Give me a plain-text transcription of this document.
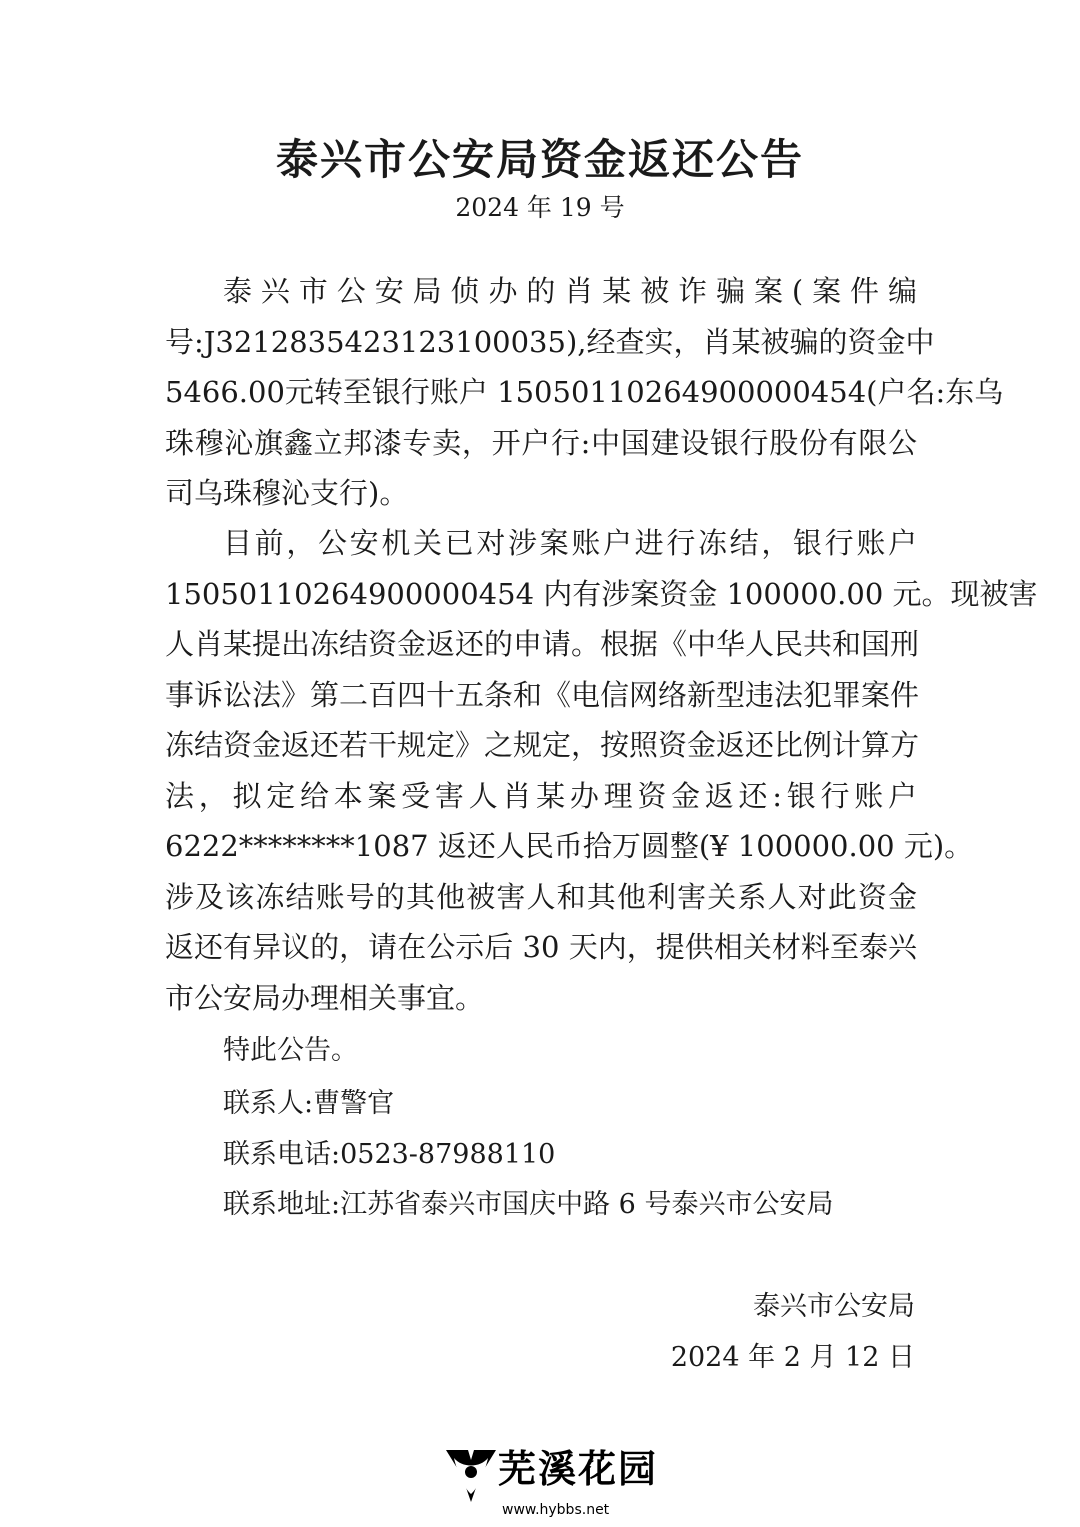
泰兴市公安局资金返还公告
2024 年 19 号
泰兴市公安局侦办的肖某被诈骗案(案件编
号:J3212835423123100035),经查实，肖某被骗的资金中
5466.00元转至银行账户 1505011026490000045​4(户名:东乌
珠穆沁旗鑫立邦漆专卖，开户行:中国建设银行股份有限公
司乌珠穆沁支行)。
目前，公安机关已对涉案账户进行冻结，银行账户
15050110264900000454 内有涉案资金 100000.00 元。现被害
人肖某提出冻结资金返还的申请。根据《中华人民共和国刑
事诉讼法》第二百四十五条和《电信网络新型违法犯罪案件
冻结资金返还若干规定》之规定，按照资金返还比例计算方
法，拟定给本案受害人肖某办理资金返还:银行账户
6222********1087 返还人民币拾万圆整(¥ 100000.00 元)。
涉及该冻结账号的其他被害人和其他利害关系人对此资金
返还有异议的，请在公示后 30 天内，提供相关材料至泰兴
市公安局办理相关事宜。
特此公告。
联系人:曹警官
联系电话:0523-87988110
联系地址:江苏省泰兴市国庆中路 6 号泰兴市公安局
泰兴市公安局
2024 年 2 月 12 日
芜溪花园
www.hybbs.net
